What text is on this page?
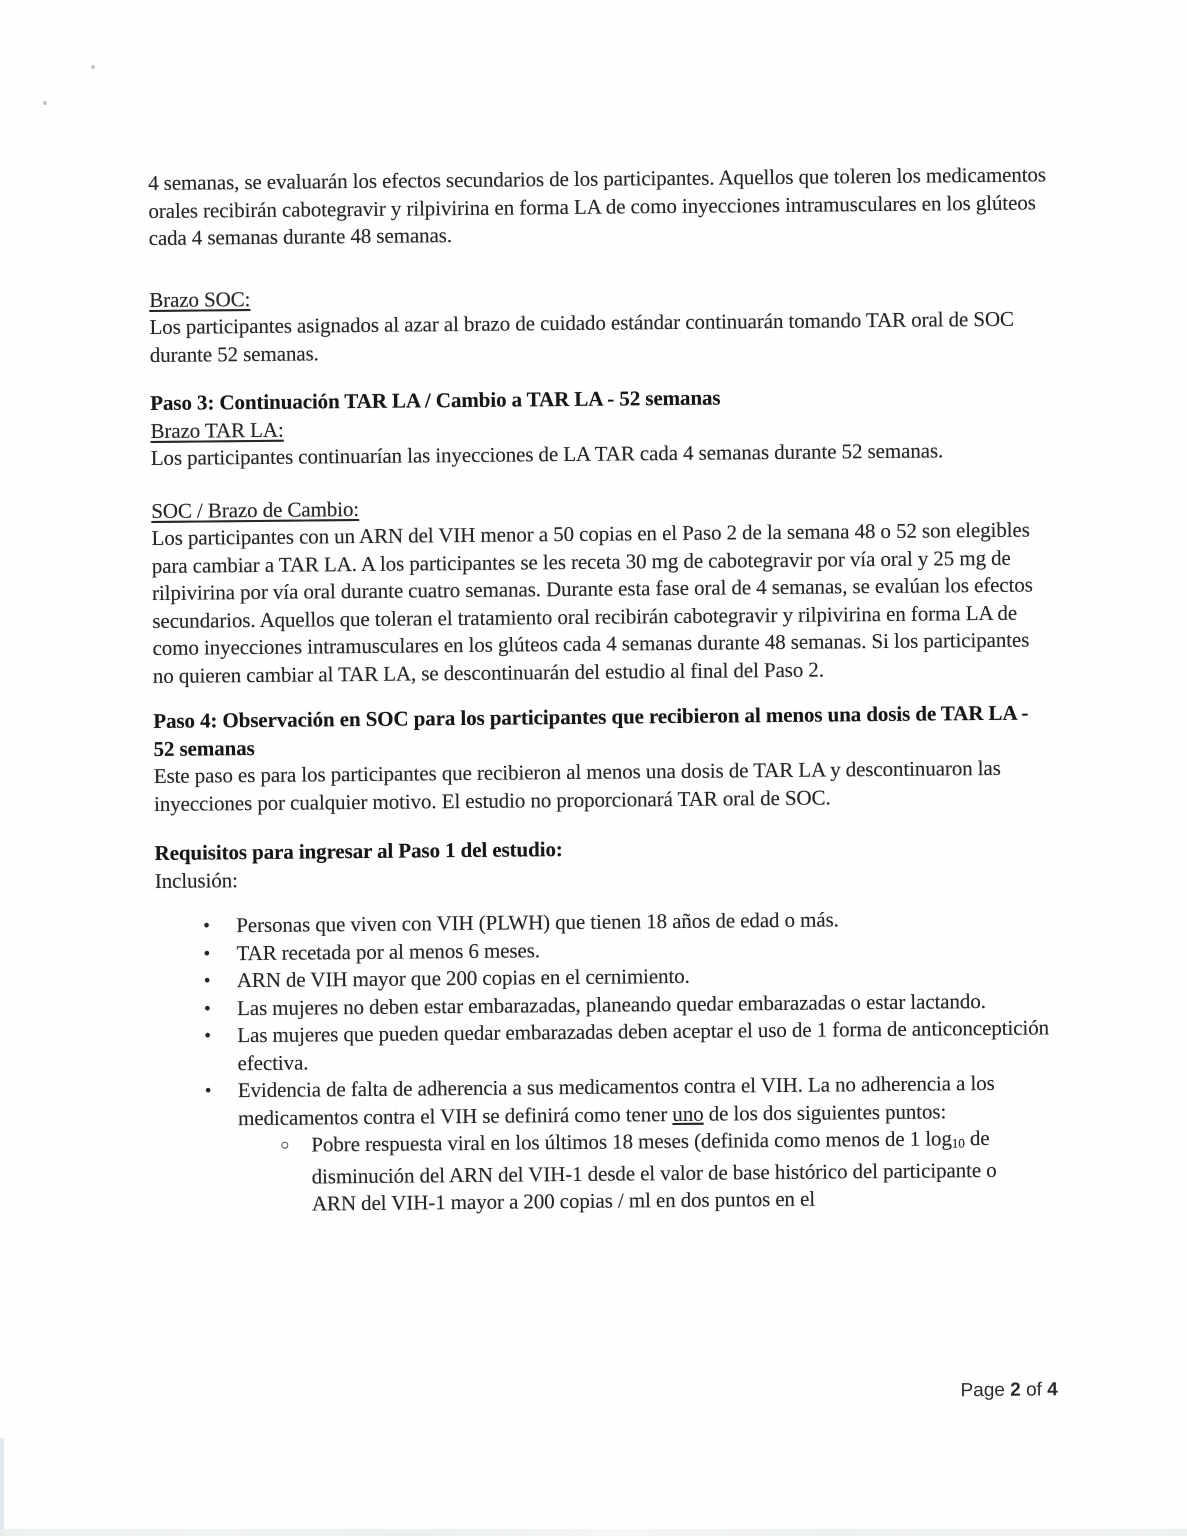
4 semanas, se evaluarán los efectos secundarios de los participantes. Aquellos que toleren los medicamentos orales recibirán cabotegravir y rilpivirina en forma LA de como inyecciones intramusculares en los glúteos cada 4 semanas durante 48 semanas.

Brazo SOC:

Los participantes asignados al azar al brazo de cuidado estándar continuarán tomando TAR oral de SOC durante 52 semanas.

Paso 3: Continuación TAR LA / Cambio a TAR LA - 52 semanas

Brazo TAR LA:

Los participantes continuarían las inyecciones de LA TAR cada 4 semanas durante 52 semanas.

SOC / Brazo de Cambio:

Los participantes con un ARN del VIH menor a 50 copias en el Paso 2 de la semana 48 o 52 son elegibles para cambiar a TAR LA. A los participantes se les receta 30 mg de cabotegravir por vía oral y 25 mg de rilpivirina por vía oral durante cuatro semanas. Durante esta fase oral de 4 semanas, se evalúan los efectos secundarios. Aquellos que toleran el tratamiento oral recibirán cabotegravir y rilpivirina en forma LA de como inyecciones intramusculares en los glúteos cada 4 semanas durante 48 semanas. Si los participantes no quieren cambiar al TAR LA, se descontinuarán del estudio al final del Paso 2.

Paso 4: Observación en SOC para los participantes que recibieron al menos una dosis de TAR LA - 52 semanas

Este paso es para los participantes que recibieron al menos una dosis de TAR LA y descontinuaron las inyecciones por cualquier motivo. El estudio no proporcionará TAR oral de SOC.

Requisitos para ingresar al Paso 1 del estudio:

Inclusión:

• Personas que viven con VIH (PLWH) que tienen 18 años de edad o más.
• TAR recetada por al menos 6 meses.
• ARN de VIH mayor que 200 copias en el cernimiento.
• Las mujeres no deben estar embarazadas, planeando quedar embarazadas o estar lactando.
• Las mujeres que pueden quedar embarazadas deben aceptar el uso de 1 forma de anticonceptición efectiva.
• Evidencia de falta de adherencia a sus medicamentos contra el VIH. La no adherencia a los medicamentos contra el VIH se definirá como tener uno de los dos siguientes puntos:
○ Pobre respuesta viral en los últimos 18 meses (definida como menos de 1 log10 de disminución del ARN del VIH-1 desde el valor de base histórico del participante o ARN del VIH-1 mayor a 200 copias / ml en dos puntos en el
Page 2 of 4
